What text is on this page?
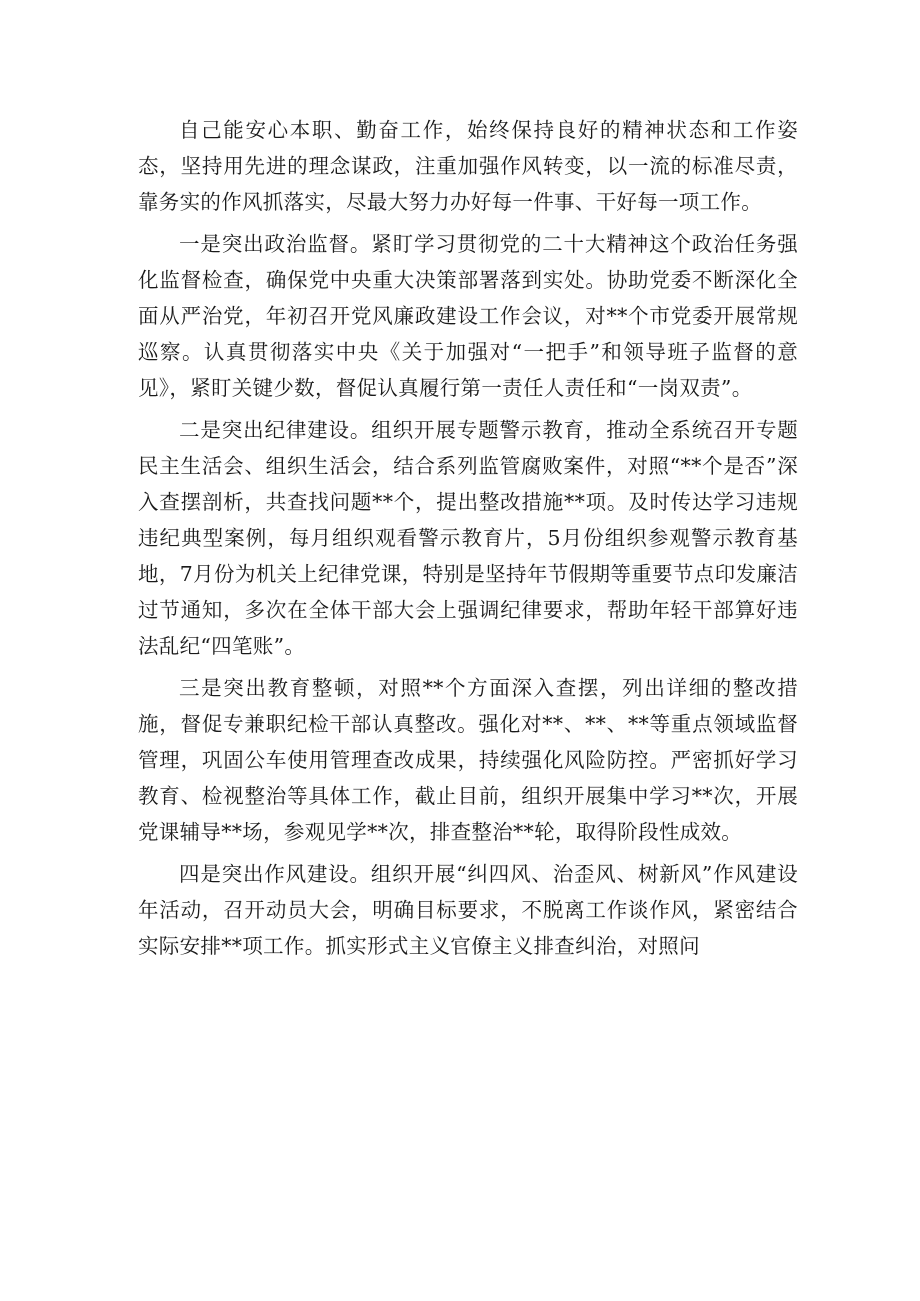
自己能安心本职、勤奋工作，始终保持良好的精神状态和工作姿态，坚持用先进的理念谋政，注重加强作风转变，以一流的标准尽责，靠务实的作风抓落实，尽最大努力办好每一件事、干好每一项工作。

一是突出政治监督。紧盯学习贯彻党的二十大精神这个政治任务强化监督检查，确保党中央重大决策部署落到实处。协助党委不断深化全面从严治党，年初召开党风廉政建设工作会议，对**个市党委开展常规巡察。认真贯彻落实中央《关于加强对“一把手”和领导班子监督的意见》，紧盯关键少数，督促认真履行第一责任人责任和“一岗双责”。

二是突出纪律建设。组织开展专题警示教育，推动全系统召开专题民主生活会、组织生活会，结合系列监管腐败案件，对照“**个是否”深入查摆剖析，共查找问题**个，提出整改措施**项。及时传达学习违规违纪典型案例，每月组织观看警示教育片，5月份组织参观警示教育基地，7月份为机关上纪律党课，特别是坚持年节假期等重要节点印发廉洁过节通知，多次在全体干部大会上强调纪律要求，帮助年轻干部算好违法乱纪“四笔账”。

三是突出教育整顿，对照**个方面深入查摆，列出详细的整改措施，督促专兼职纪检干部认真整改。强化对**、**、**等重点领域监督管理，巩固公车使用管理查改成果，持续强化风险防控。严密抓好学习教育、检视整治等具体工作，截止目前，组织开展集中学习**次，开展党课辅导**场，参观见学**次，排查整治**轮，取得阶段性成效。

四是突出作风建设。组织开展“纠四风、治歪风、树新风”作风建设年活动，召开动员大会，明确目标要求，不脱离工作谈作风，紧密结合实际安排**项工作。抓实形式主义官僚主义排查纠治，对照问
